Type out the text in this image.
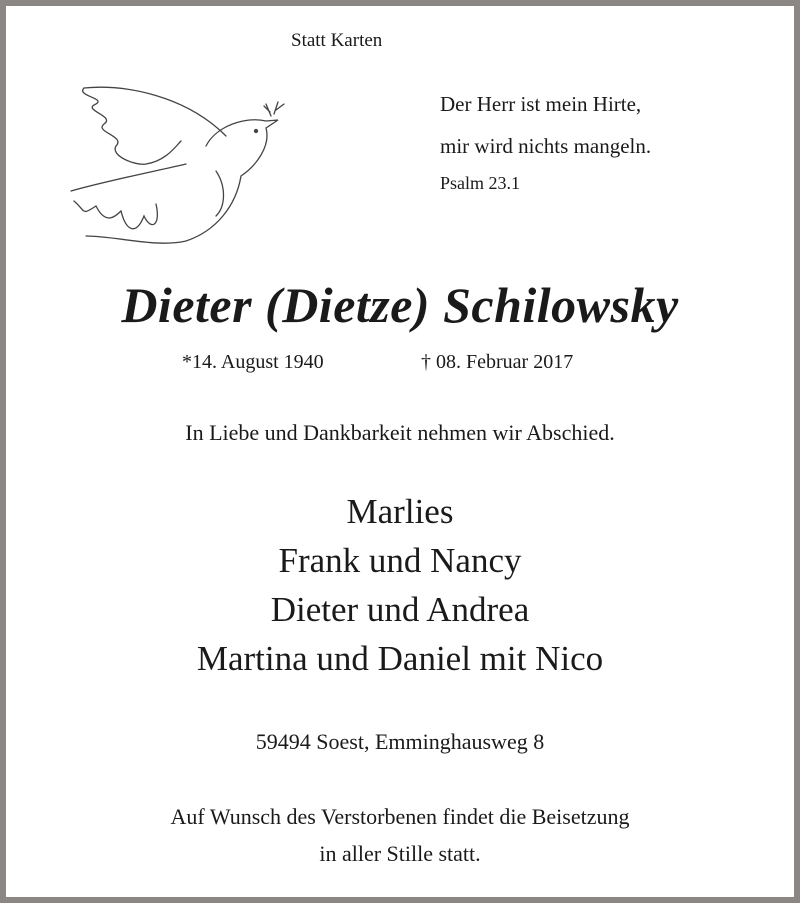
Statt Karten
Der Herr ist mein Hirte,
mir wird nichts mangeln.
Psalm 23.1
Dieter (Dietze) Schilowsky
*14. August 1940	† 08. Februar 2017
In Liebe und Dankbarkeit nehmen wir Abschied.
Marlies
Frank und Nancy
Dieter und Andrea
Martina und Daniel mit Nico
59494 Soest, Emminghausweg 8
Auf Wunsch des Verstorbenen findet die Beisetzung
in aller Stille statt.
